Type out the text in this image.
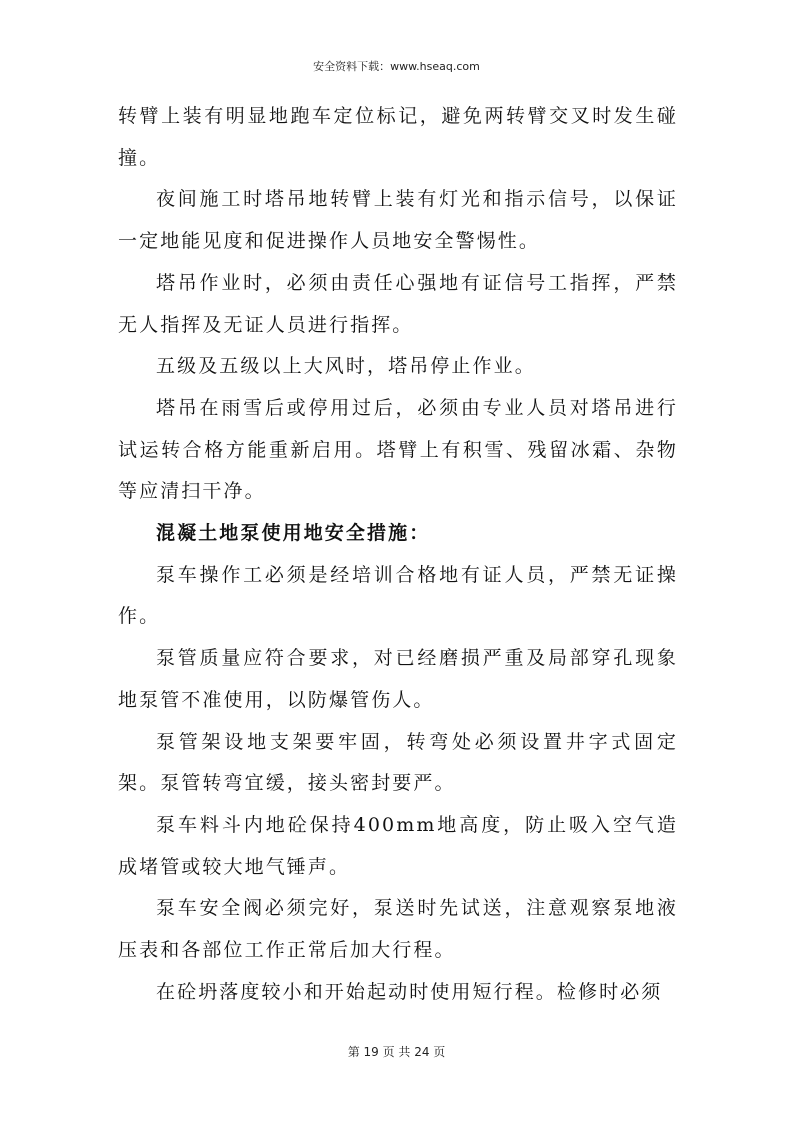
安全资料下载：www.hseaq.com

转臂上装有明显地跑车定位标记，避免两转臂交叉时发生碰撞。

夜间施工时塔吊地转臂上装有灯光和指示信号，以保证一定地能见度和促进操作人员地安全警惕性。

塔吊作业时，必须由责任心强地有证信号工指挥，严禁无人指挥及无证人员进行指挥。

五级及五级以上大风时，塔吊停止作业。

塔吊在雨雪后或停用过后，必须由专业人员对塔吊进行试运转合格方能重新启用。塔臂上有积雪、残留冰霜、杂物等应清扫干净。

混凝土地泵使用地安全措施：

泵车操作工必须是经培训合格地有证人员，严禁无证操作。

泵管质量应符合要求，对已经磨损严重及局部穿孔现象地泵管不准使用，以防爆管伤人。

泵管架设地支架要牢固，转弯处必须设置井字式固定架。泵管转弯宜缓，接头密封要严。

泵车料斗内地砼保持400mm地高度，防止吸入空气造成堵管或较大地气锤声。

泵车安全阀必须完好，泵送时先试送，注意观察泵地液压表和各部位工作正常后加大行程。

在砼坍落度较小和开始起动时使用短行程。检修时必须

第 19 页 共 24 页
